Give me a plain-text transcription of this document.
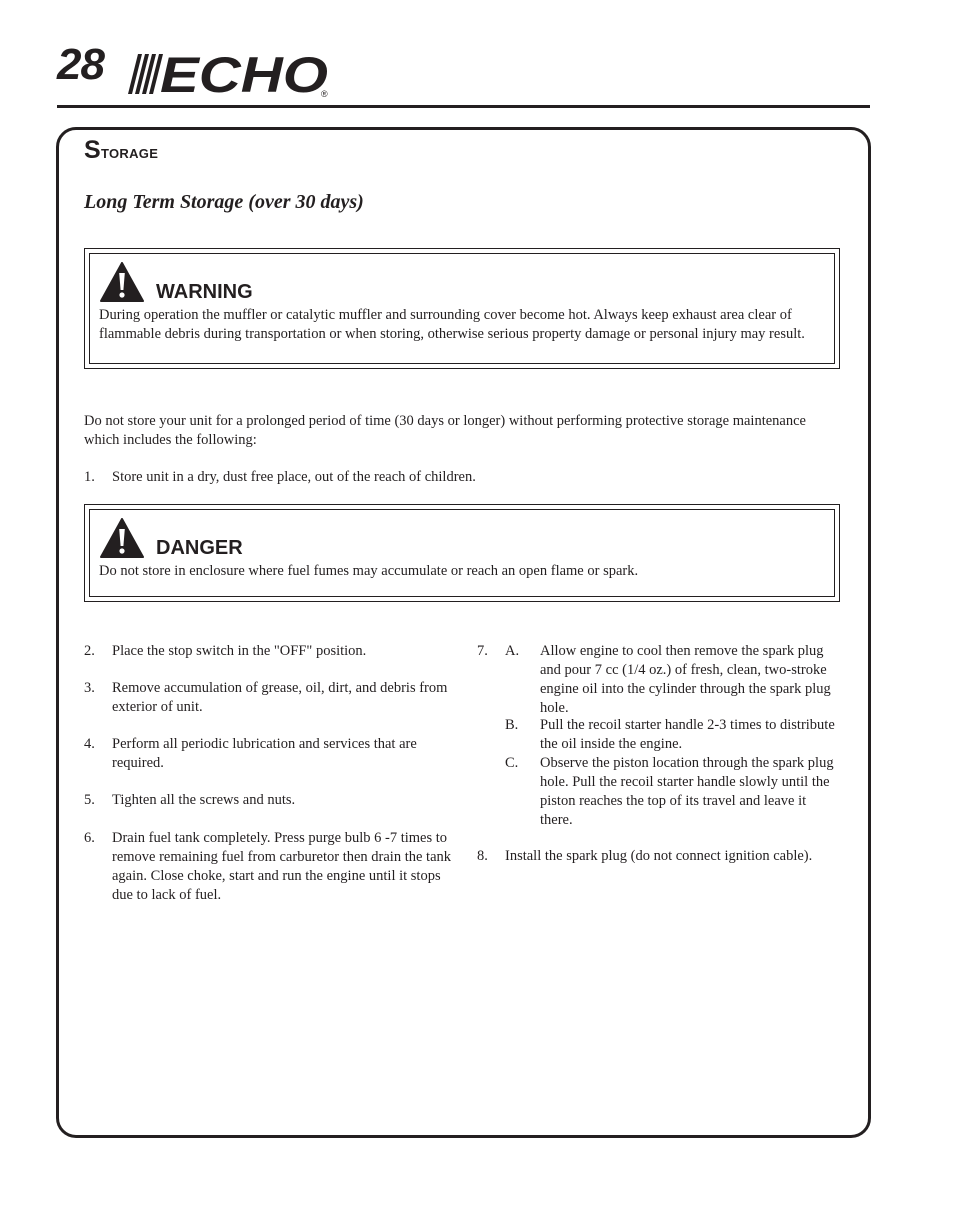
28 ECHO
®
Storage
Long Term Storage (over 30 days)
WARNING

During operation the muffler or catalytic muffler and surrounding cover become hot. Always keep exhaust area clear of flammable debris during transportation or when storing, otherwise serious property damage or personal injury may result.

Do not store your unit for a prolonged period of time (30 days or longer) without performing protective storage maintenance which includes the following:

1. Store unit in a dry, dust free place, out of the reach of children.
DANGER

Do not store in enclosure where fuel fumes may accumulate or reach an open flame or spark.

2. Place the stop switch in the "OFF" position.
3. Remove accumulation of grease, oil, dirt, and debris from exterior of unit.
4. Perform all periodic lubrication and services that are required.
5. Tighten all the screws and nuts.
6. Drain fuel tank completely. Press purge bulb 6 -7 times to remove remaining fuel from carburetor then drain the tank again. Close choke, start and run the engine until it stops due to lack of fuel.
7. A. Allow engine to cool then remove the spark plug and pour 7 cc (1/4 oz.) of fresh, clean, two-stroke engine oil into the cylinder through the spark plug hole.
B. Pull the recoil starter handle 2-3 times to distribute the oil inside the engine.
C. Observe the piston location through the spark plug hole. Pull the recoil starter handle slowly until the piston reaches the top of its travel and leave it there.
8. Install the spark plug (do not connect ignition cable).
